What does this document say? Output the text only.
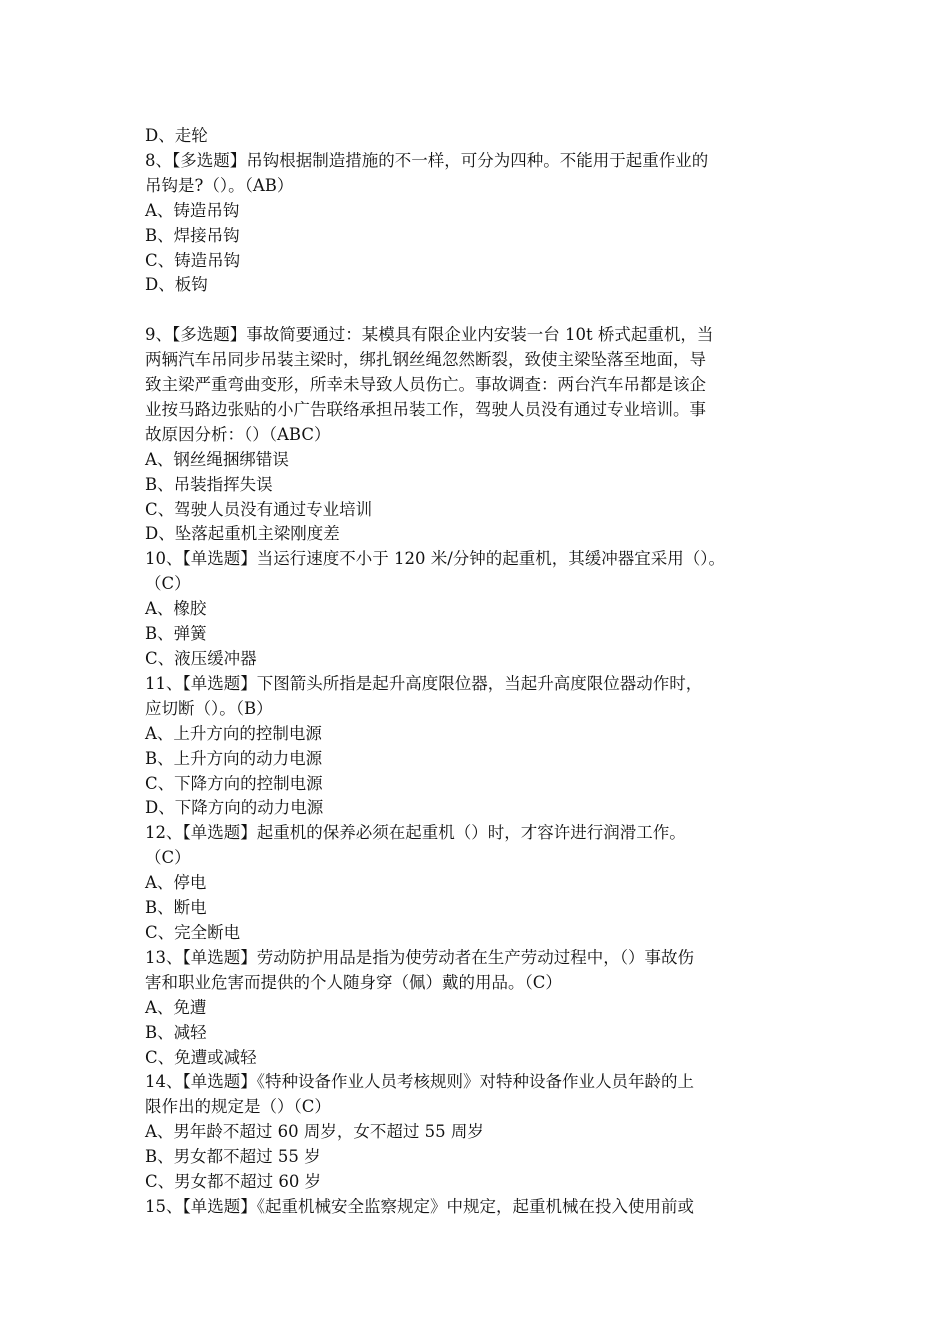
D、走轮
8、【多选题】吊钩根据制造措施的不一样，可分为四种。不能用于起重作业的
吊钩是?（）。（AB）
A、铸造吊钩
B、焊接吊钩
C、铸造吊钩
D、板钩
9、【多选题】事故简要通过：某模具有限企业内安装一台 10t 桥式起重机，当
两辆汽车吊同步吊装主梁时，绑扎钢丝绳忽然断裂，致使主梁坠落至地面，导
致主梁严重弯曲变形，所幸未导致人员伤亡。事故调查：两台汽车吊都是该企
业按马路边张贴的小广告联络承担吊装工作，驾驶人员没有通过专业培训。事
故原因分析：（）（ABC）
A、钢丝绳捆绑错误
B、吊装指挥失误
C、驾驶人员没有通过专业培训
D、坠落起重机主梁刚度差
10、【单选题】当运行速度不小于 120 米/分钟的起重机，其缓冲器宜采用（）。
（C）
A、橡胶
B、弹簧
C、液压缓冲器
11、【单选题】下图箭头所指是起升高度限位器，当起升高度限位器动作时，
应切断（）。（B）
A、上升方向的控制电源
B、上升方向的动力电源
C、下降方向的控制电源
D、下降方向的动力电源
12、【单选题】起重机的保养必须在起重机（）时，才容许进行润滑工作。
（C）
A、停电
B、断电
C、完全断电
13、【单选题】劳动防护用品是指为使劳动者在生产劳动过程中，（）事故伤
害和职业危害而提供的个人随身穿（佩）戴的用品。（C）
A、免遭
B、减轻
C、免遭或减轻
14、【单选题】《特种设备作业人员考核规则》对特种设备作业人员年龄的上
限作出的规定是（）（C）
A、男年龄不超过 60 周岁，女不超过 55 周岁
B、男女都不超过 55 岁
C、男女都不超过 60 岁
15、【单选题】《起重机械安全监察规定》中规定，起重机械在投入使用前或
